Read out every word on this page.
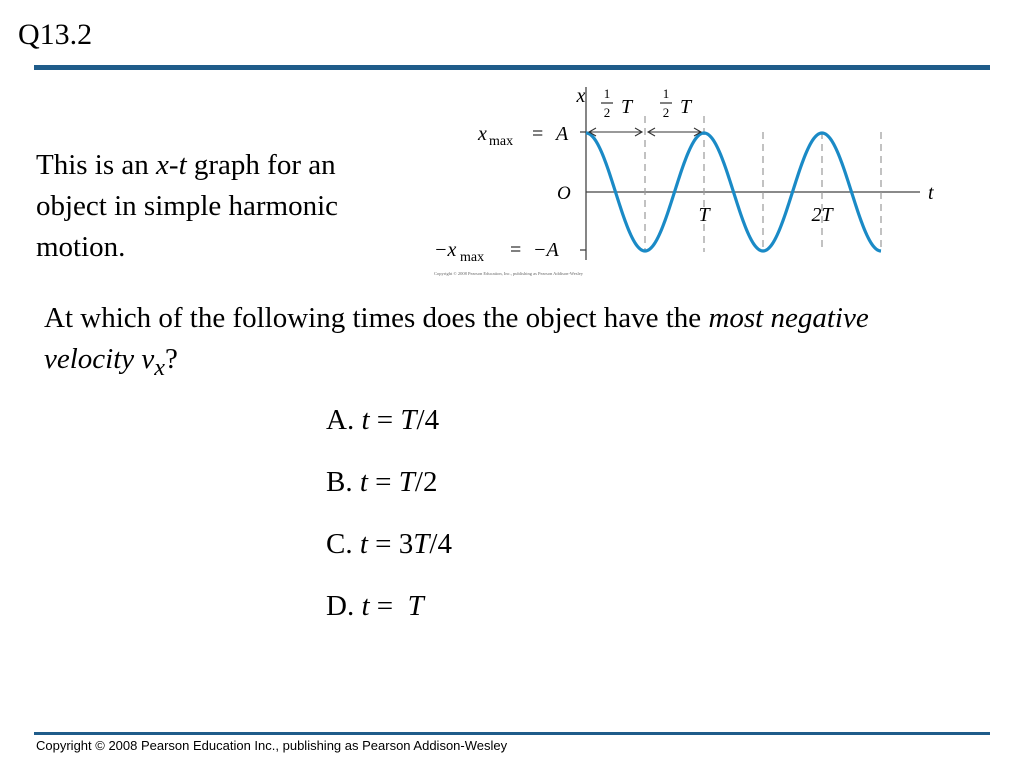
Q13.2
This is an x-t graph for an object in simple harmonic motion.
x 1
2 T
1
2 T
x max = A
O
−x max = −A
t
T	2T
Copyright © 2008 Pearson Education, Inc., publishing as Pearson Addison-Wesley
At which of the following times does the object have the most negative velocity $v_x$?
A. t = T/4
B. t = T/2
C. t = 3T/4
D. t =  T
Copyright © 2008 Pearson Education Inc., publishing as Pearson Addison-Wesley
